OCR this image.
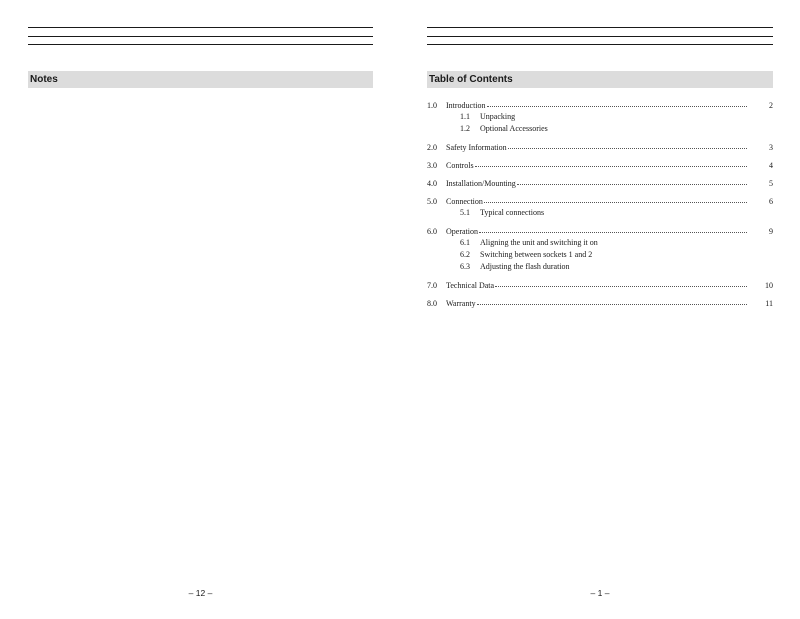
Notes
– 12 –
Table of Contents
1.0	Introduction	2
1.1	Unpacking
1.2	Optional Accessories
2.0	Safety Information	3
3.0	Controls	4
4.0	Installation/Mounting	5
5.0	Connection	6
5.1	Typical connections
6.0	Operation	9
6.1	Aligning the unit and switching it on
6.2	Switching between sockets 1 and 2
6.3	Adjusting the flash duration
7.0	Technical Data	10
8.0	Warranty	11
– 1 –
